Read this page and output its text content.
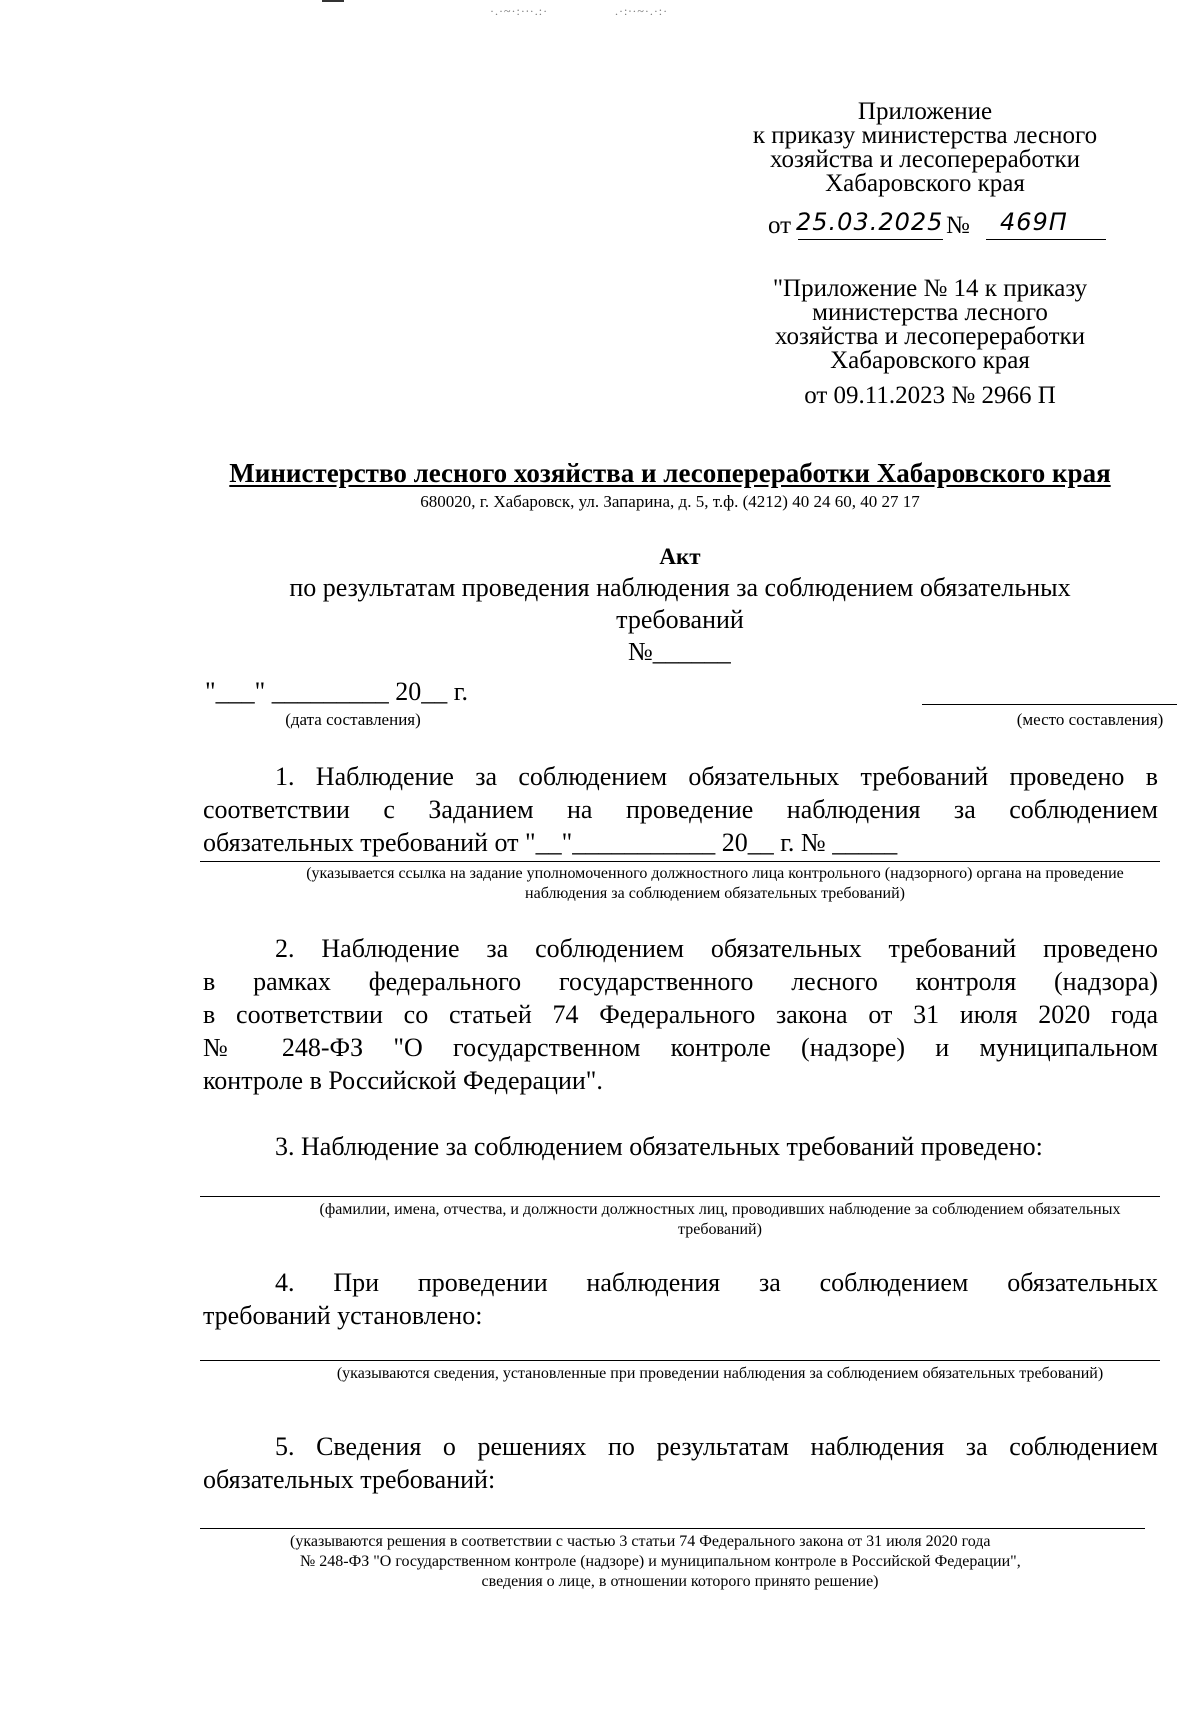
·.·~·:·∙·.:·	.·:∙·~·.·:·
Приложение
к приказу министерства лесного
хозяйства и лесопереработки
Хабаровского края
от 25.03.2025 № 469П
"Приложение № 14 к приказу
министерства лесного
хозяйства и лесопереработки
Хабаровского края
от 09.11.2023 № 2966 П
Министерство лесного хозяйства и лесопереработки Хабаровского края
680020, г. Хабаровск, ул. Запарина, д. 5, т.ф. (4212) 40 24 60, 40 27 17
Акт
по результатам проведения наблюдения за соблюдением обязательных
требований
№______
"___" _________ 20__ г.
(дата составления)	(место составления)
1. Наблюдение за соблюдением обязательных требований проведено в
соответствии с Заданием на проведение наблюдения за соблюдением
обязательных требований от "__"___________ 20__ г. № _____
(указывается ссылка на задание уполномоченного должностного лица контрольного (надзорного) органа на проведение наблюдения за соблюдением обязательных требований)
2. Наблюдение за соблюдением обязательных требований проведено
в рамках федерального государственного лесного контроля (надзора)
в соответствии со статьей 74 Федерального закона от 31 июля 2020 года
№ 248-ФЗ "О государственном контроле (надзоре) и муниципальном
контроле в Российской Федерации".
3. Наблюдение за соблюдением обязательных требований проведено:
(фамилии, имена, отчества, и должности должностных лиц, проводивших наблюдение за соблюдением обязательных требований)
4. При проведении наблюдения за соблюдением обязательных
требований установлено:
(указываются сведения, установленные при проведении наблюдения за соблюдением обязательных требований)
5. Сведения о решениях по результатам наблюдения за соблюдением
обязательных требований:
(указываются решения в соответствии с частью 3 статьи 74 Федерального закона от 31 июля 2020 года
№ 248-ФЗ "О государственном контроле (надзоре) и муниципальном контроле в Российской Федерации",
сведения о лице, в отношении которого принято решение)
